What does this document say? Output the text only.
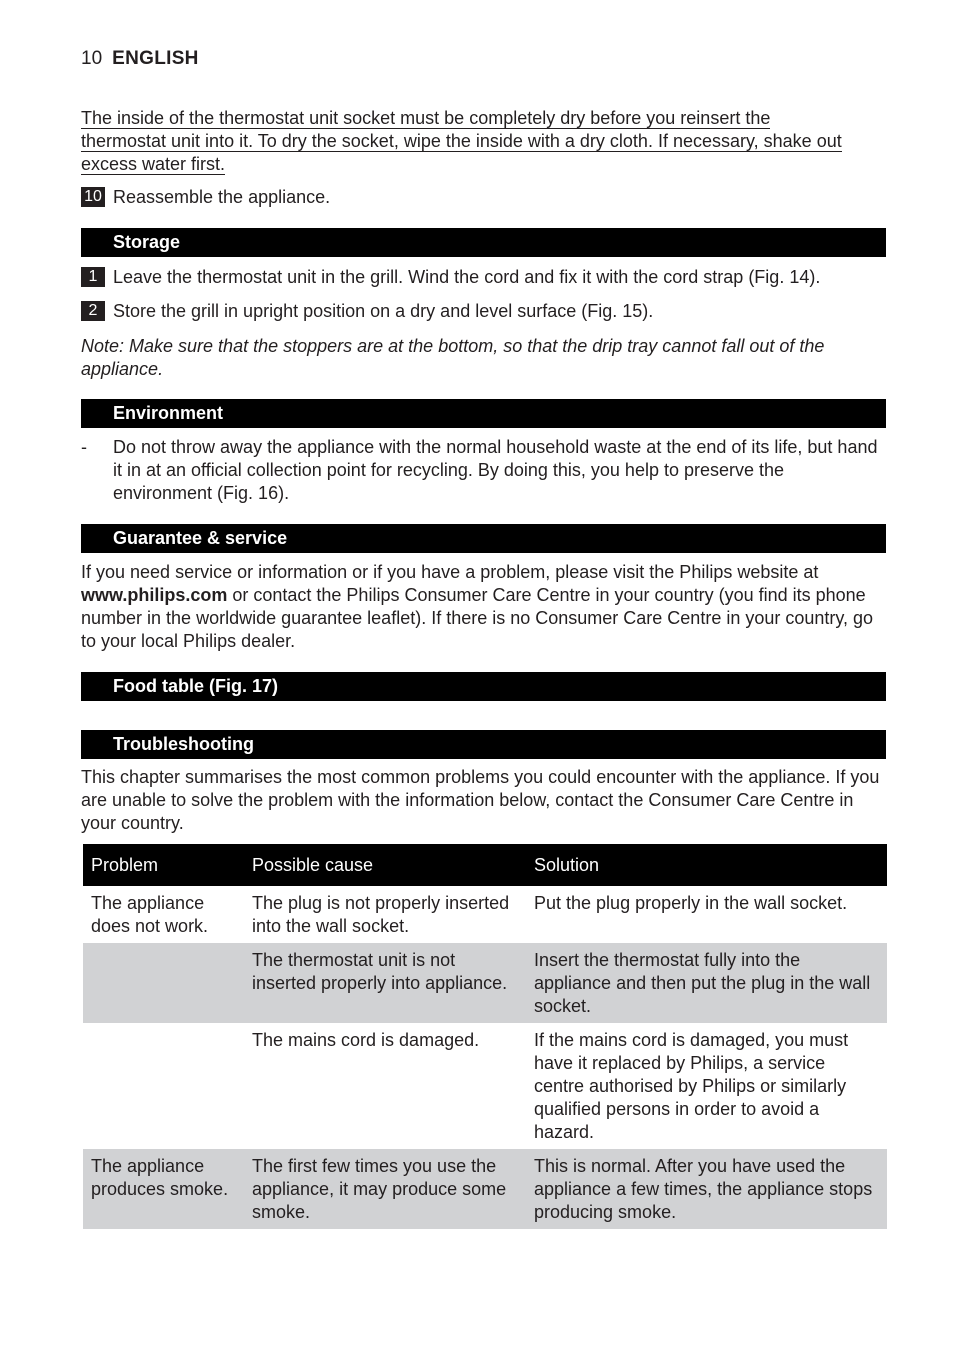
10 ENGLISH
The inside of the thermostat unit socket must be completely dry before you reinsert the
thermostat unit into it. To dry the socket, wipe the inside with a dry cloth. If necessary, shake out
excess water first.
10 Reassemble the appliance.
Storage
1 Leave the thermostat unit in the grill. Wind the cord and fix it with the cord strap (Fig. 14).
2 Store the grill in upright position on a dry and level surface (Fig. 15).
Note: Make sure that the stoppers are at the bottom, so that the drip tray cannot fall out of the appliance.
Environment
-	Do not throw away the appliance with the normal household waste at the end of its life, but hand it in at an official collection point for recycling. By doing this, you help to preserve the environment (Fig. 16).
Guarantee & service
If you need service or information or if you have a problem, please visit the Philips website at www.philips.com or contact the Philips Consumer Care Centre in your country (you find its phone number in the worldwide guarantee leaflet). If there is no Consumer Care Centre in your country, go to your local Philips dealer.
Food table (Fig. 17)
Troubleshooting
This chapter summarises the most common problems you could encounter with the appliance. If you are unable to solve the problem with the information below, contact the Consumer Care Centre in your country.
Problem	Possible cause	Solution
The appliance does not work.	The plug is not properly inserted into the wall socket.	Put the plug properly in the wall socket.
	The thermostat unit is not inserted properly into appliance.	Insert the thermostat fully into the appliance and then put the plug in the wall socket.
	The mains cord is damaged.	If the mains cord is damaged, you must have it replaced by Philips, a service centre authorised by Philips or similarly qualified persons in order to avoid a hazard.
The appliance produces smoke.	The first few times you use the appliance, it may produce some smoke.	This is normal. After you have used the appliance a few times, the appliance stops producing smoke.
